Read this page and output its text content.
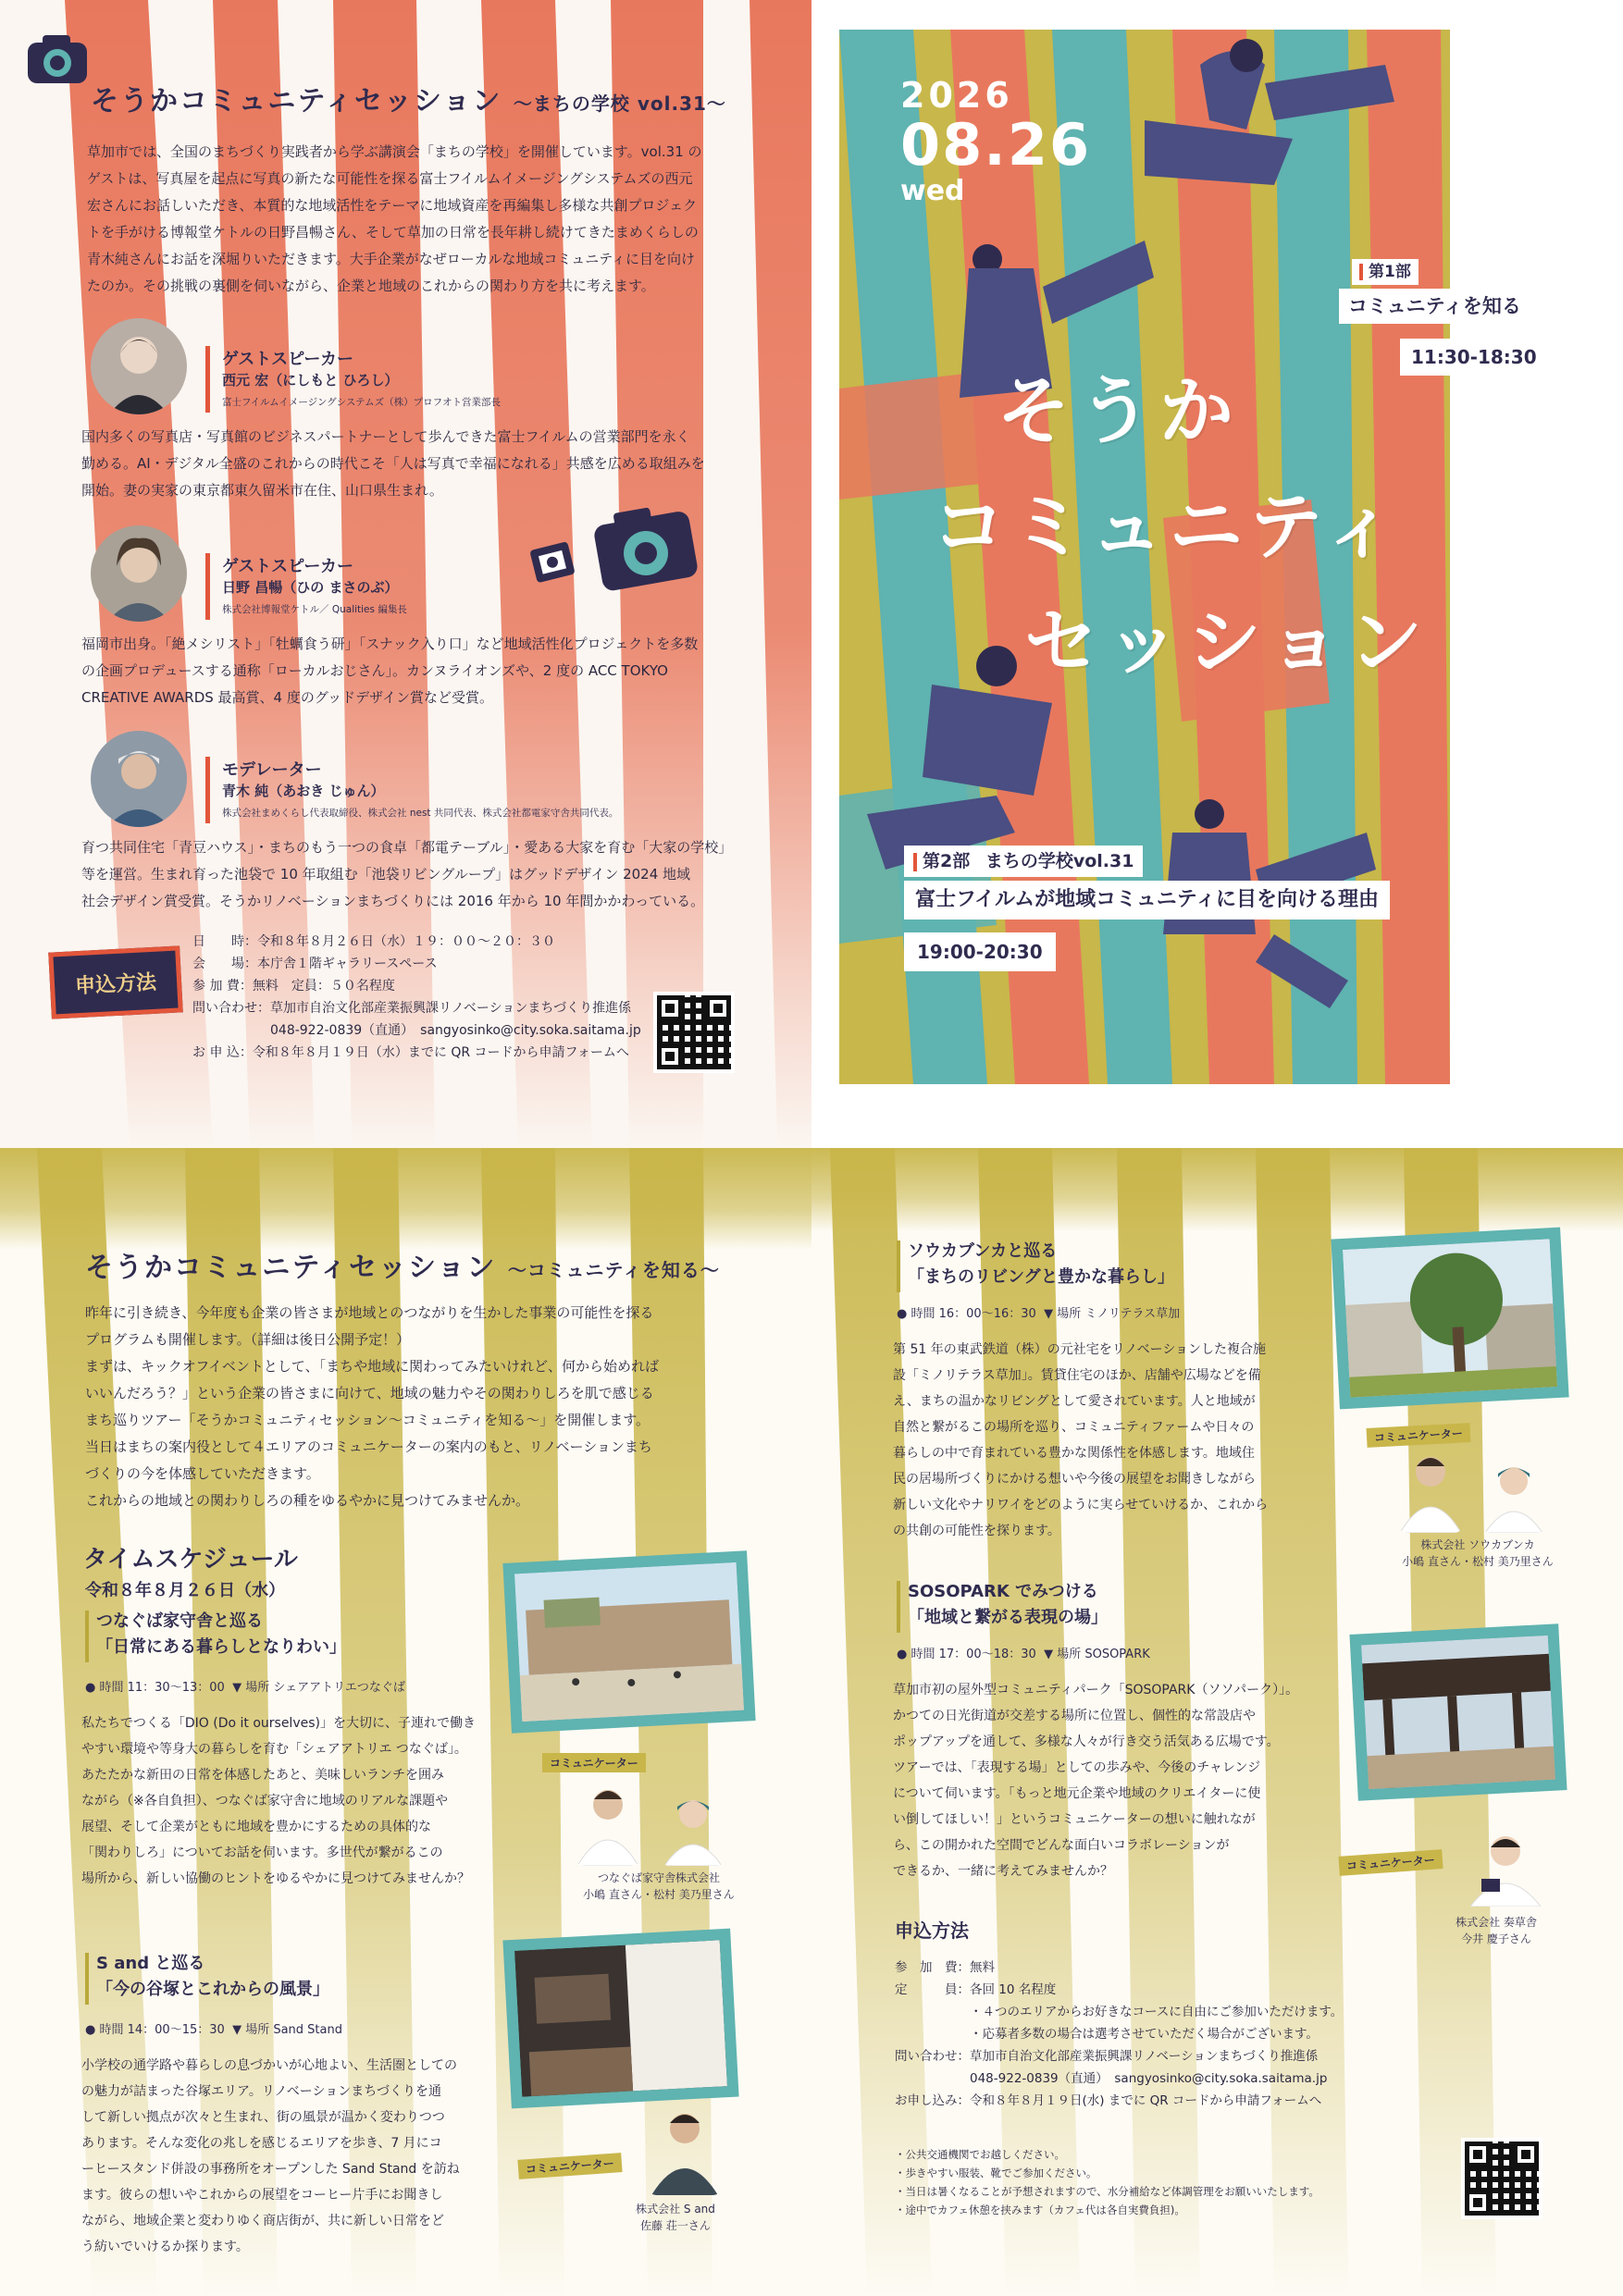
そうかコミュニティセッション 〜まちの学校 vol.31〜
草加市では、全国のまちづくり実践者から学ぶ講演会「まちの学校」を開催しています。vol.31 の
ゲストは、写真屋を起点に写真の新たな可能性を探る富士フイルムイメージングシステムズの西元
宏さんにお話しいただき、本質的な地域活性をテーマに地域資産を再編集し多様な共創プロジェク
トを手がける博報堂ケトルの日野昌暢さん、そして草加の日常を長年耕し続けてきたまめくらしの
青木純さんにお話を深堀りいただきます。大手企業がなぜローカルな地域コミュニティに目を向け
たのか。その挑戦の裏側を伺いながら、企業と地域のこれからの関わり方を共に考えます。
ゲストスピーカー
西元 宏（にしもと ひろし）
富士フイルムイメージングシステムズ（株）プロフオト営業部長
国内多くの写真店・写真館のビジネスパートナーとして歩んできた富士フイルムの営業部門を永く
勤める。AI・デジタル全盛のこれからの時代こそ「人は写真で幸福になれる」共感を広める取組みを
開始。妻の実家の東京都東久留米市在住、山口県生まれ。
ゲストスピーカー
日野 昌暢（ひの まさのぶ）
株式会社博報堂ケトル／ Qualities 編集長
福岡市出身。「絶メシリスト」「牡蠣食う研」「スナック入り口」など地域活性化プロジェクトを多数
の企画プロデュースする通称「ローカルおじさん」。カンヌライオンズや、2 度の ACC TOKYO
CREATIVE AWARDS 最高賞、4 度のグッドデザイン賞など受賞。
モデレーター
青木 純（あおき じゅん）
株式会社まめくらし代表取締役、株式会社 nest 共同代表、株式会社都電家守舎共同代表。
育つ共同住宅「青豆ハウス」・まちのもう一つの食卓「都電テーブル」・愛ある大家を育む「大家の学校」
等を運営。生まれ育った池袋で 10 年取組む「池袋リビングループ」はグッドデザイン 2024 地域
社会デザイン賞受賞。そうかリノベーションまちづくりには 2016 年から 10 年間かかわっている。
申込方法
日　　時：令和８年８月２６日（水）１９：００〜２０：３０
会　　場：本庁舎１階ギャラリースペース
参 加 費：無料　定員：５０名程度
問い合わせ：草加市自治文化部産業振興課リノベーションまちづくり推進係
　　　　　　048-922-0839（直通）　sangyosinko@city.soka.saitama.jp
お 申 込：令和８年８月１９日（水）までに QR コードから申請フォームへ
2026
08.26
wed
そうか
コミュニティ
セッション
第1部
コミュニティを知る
11:30-18:30
第2部 まちの学校vol.31
富士フイルムが地域コミュニティに目を向ける理由
19:00-20:30
そうかコミュニティセッション 〜コミュニティを知る〜
昨年に引き続き、今年度も企業の皆さまが地域とのつながりを生かした事業の可能性を探る
プログラムも開催します。（詳細は後日公開予定！）
まずは、キックオフイベントとして、「まちや地域に関わってみたいけれど、何から始めれば
いいんだろう？」という企業の皆さまに向けて、地域の魅力やその関わりしろを肌で感じる
まち巡りツアー「そうかコミュニティセッション〜コミュニティを知る〜」を開催します。
当日はまちの案内役として４エリアのコミュニケーターの案内のもと、リノベーションまち
づくりの今を体感していただきます。
これからの地域との関わりしろの種をゆるやかに見つけてみませんか。
タイムスケジュール
令和８年８月２６日（水）
つなぐば家守舎と巡る
「日常にある暮らしとなりわい」
● 時間 11：30〜13：00 ▼ 場所 シェアアトリエつなぐば
私たちでつくる「DIO (Do it ourselves)」を大切に、子連れで働き
やすい環境や等身大の暮らしを育む「シェアアトリエ つなぐば」。
あたたかな新田の日常を体感したあと、美味しいランチを囲み
ながら（※各自負担）、つなぐば家守舎に地域のリアルな課題や
展望、そして企業がともに地域を豊かにするための具体的な
「関わりしろ」についてお話を伺います。多世代が繋がるこの
場所から、新しい協働のヒントをゆるやかに見つけてみませんか？
コミュニケーター
つなぐば家守舎株式会社
小嶋 直さん・松村 美乃里さん
S and と巡る
「今の谷塚とこれからの風景」
● 時間 14：00〜15：30 ▼ 場所 Sand Stand
小学校の通学路や暮らしの息づかいが心地よい、生活圏としての
の魅力が詰まった谷塚エリア。リノベーションまちづくりを通
して新しい拠点が次々と生まれ、街の風景が温かく変わりつつ
あります。そんな変化の兆しを感じるエリアを歩き、7 月にコ
ーヒースタンド併設の事務所をオープンした Sand Stand を訪ね
ます。彼らの想いやこれからの展望をコーヒー片手にお聞きし
ながら、地域企業と変わりゆく商店街が、共に新しい日常をど
う紡いでいけるか探ります。
コミュニケーター
株式会社 S and
佐藤 荘一さん
ソウカブンカと巡る
「まちのリビングと豊かな暮らし」
● 時間 16：00〜16：30 ▼ 場所 ミノリテラス草加
第 51 年の東武鉄道（株）の元社宅をリノベーションした複合施
設「ミノリテラス草加」。賃貸住宅のほか、店舗や広場などを備
え、まちの温かなリビングとして愛されています。人と地域が
自然と繋がるこの場所を巡り、コミュニティファームや日々の
暮らしの中で育まれている豊かな関係性を体感します。地域住
民の居場所づくりにかける想いや今後の展望をお聞きしながら
新しい文化やナリワイをどのように実らせていけるか、これから
の共創の可能性を探ります。
コミュニケーター
株式会社 ソウカブンカ
小嶋 直さん・松村 美乃里さん
SOSOPARK でみつける
「地域と繋がる表現の場」
● 時間 17：00〜18：30 ▼ 場所 SOSOPARK
草加市初の屋外型コミュニティパーク「SOSOPARK（ソソパーク）」。
かつての日光街道が交差する場所に位置し、個性的な常設店や
ポップアップを通して、多様な人々が行き交う活気ある広場です。
ツアーでは、「表現する場」としての歩みや、今後のチャレンジ
について伺います。「もっと地元企業や地域のクリエイターに使
い倒してほしい！」というコミュニケーターの想いに触れなが
ら、この開かれた空間でどんな面白いコラボレーションが
できるか、一緒に考えてみませんか？	コミュニケーター
株式会社 奏草舎
今井 慶子さん
申込方法
参　加　費：無料
定　　　員：各回 10 名程度
　　　　　　・４つのエリアからお好きなコースに自由にご参加いただけます。
　　　　　　・応募者多数の場合は選考させていただく場合がございます。
問い合わせ：草加市自治文化部産業振興課リノベーションまちづくり推進係
　　　　　　048-922-0839（直通）　sangyosinko@city.soka.saitama.jp
お申し込み：令和８年８月１９日(水) までに QR コードから申請フォームへ
・公共交通機関でお越しください。
・歩きやすい服装、靴でご参加ください。
・当日は暑くなることが予想されますので、水分補給など体調管理をお願いいたします。
・途中でカフェ休憩を挟みます（カフェ代は各自実費負担)。
